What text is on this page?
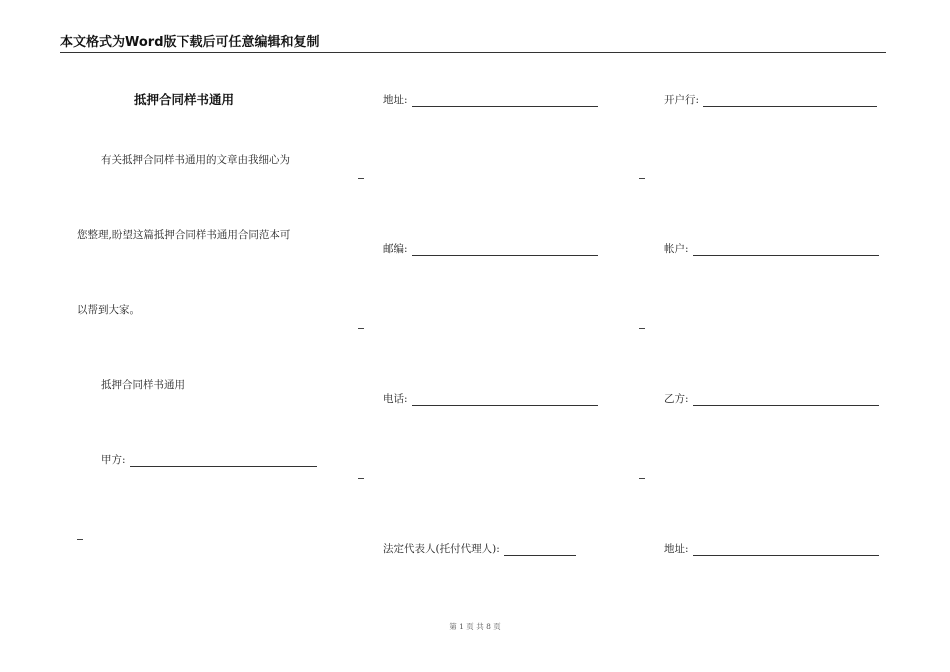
本文格式为Word版下载后可任意编辑和复制
抵押合同样书通用
有关抵押合同样书通用的文章由我细心为
您整理,盼望这篇抵押合同样书通用合同范本可
以帮到大家。
抵押合同样书通用
甲方:
地址:
邮编:
电话:
法定代表人(托付代理人):
开户行:
帐户:
乙方:
地址:
第 1 页 共 8 页
